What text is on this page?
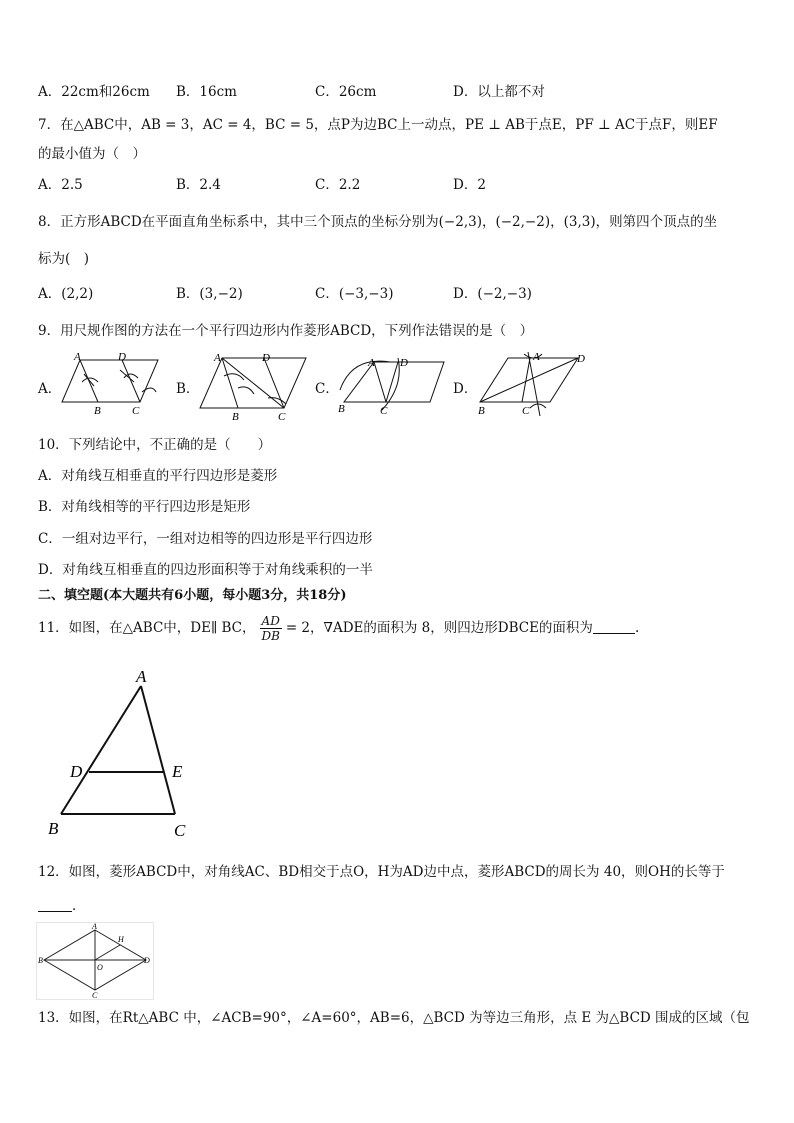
A．22cm和26cm B．16cm	C．26cm	D．以上都不对
7．在△ABC中，AB = 3，AC = 4，BC = 5，点P为边BC上一动点，PE ⊥ AB于点E，PF ⊥ AC于点F，则EF
的最小值为（　）
A．2.5	B．2.4	C．2.2	D．2
8．正方形ABCD在平面直角坐标系中，其中三个顶点的坐标分别为(−2,3)，(−2,−2)，(3,3)，则第四个顶点的坐
标为(　)
A．(2,2)	B．(3,−2)	C．(−3,−3)	D．(−2,−3)
9．用尺规作图的方法在一个平行四边形内作菱形ABCD，下列作法错误的是（　）
A．	B．	C．	D．
A	D
B	C
A	D
B	C
A D
B	C
A	D
B	C
10．下列结论中，不正确的是（　　）
A．对角线互相垂直的平行四边形是菱形
B．对角线相等的平行四边形是矩形
C．一组对边平行，一组对边相等的四边形是平行四边形
D．对角线互相垂直的四边形面积等于对角线乘积的一半
二、填空题(本大题共有6小题，每小题3分，共18分)
11．如图，在△ABC中，DE∥ BC， $\frac{AD}{DB} = 2$，∇ADE的面积为 8，则四边形DBCE的面积为	.
A
D	E
B	C
12．如图，菱形ABCD中，对角线AC、BD相交于点O，H为AD边中点，菱形ABCD的周长为 40，则OH的长等于
．
A
B
C
D
H
O
13．如图，在Rt△ABC 中，∠ACB=90°，∠A=60°，AB=6，△BCD 为等边三角形，点 E 为△BCD 围成的区域（包
